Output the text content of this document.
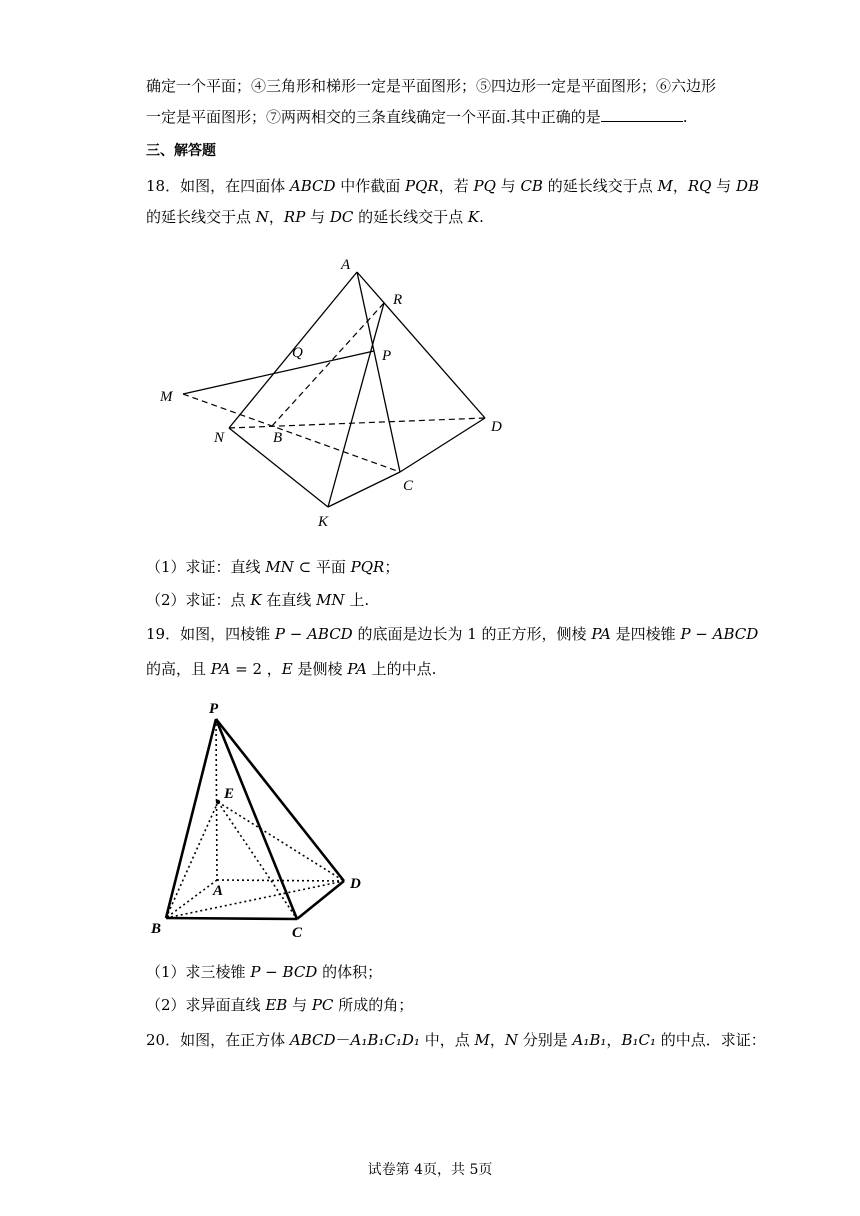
确定一个平面；④三角形和梯形一定是平面图形；⑤四边形一定是平面图形；⑥六边形
一定是平面图形；⑦两两相交的三条直线确定一个平面.其中正确的是	.
三、解答题
18．如图，在四面体 ABCD 中作截面 PQR，若 PQ 与 CB 的延长线交于点 M，RQ 与 DB
的延长线交于点 N，RP 与 DC 的延长线交于点 K.
A
R
Q	P
M
N	B
D
C
K
（1）求证：直线 MN ⊂ 平面 PQR；
（2）求证：点 K 在直线 MN 上.
19．如图，四棱锥 P − ABCD 的底面是边长为 1 的正方形，侧棱 PA 是四棱锥 P − ABCD
的高，且 PA = 2 ，E 是侧棱 PA 上的中点.
P
E
A	D
B	C
（1）求三棱锥 P − BCD 的体积；
（2）求异面直线 EB 与 PC 所成的角；
20．如图，在正方体 ABCD－A₁B₁C₁D₁ 中，点 M，N 分别是 A₁B₁，B₁C₁ 的中点．求证：
试卷第 4页，共 5页
